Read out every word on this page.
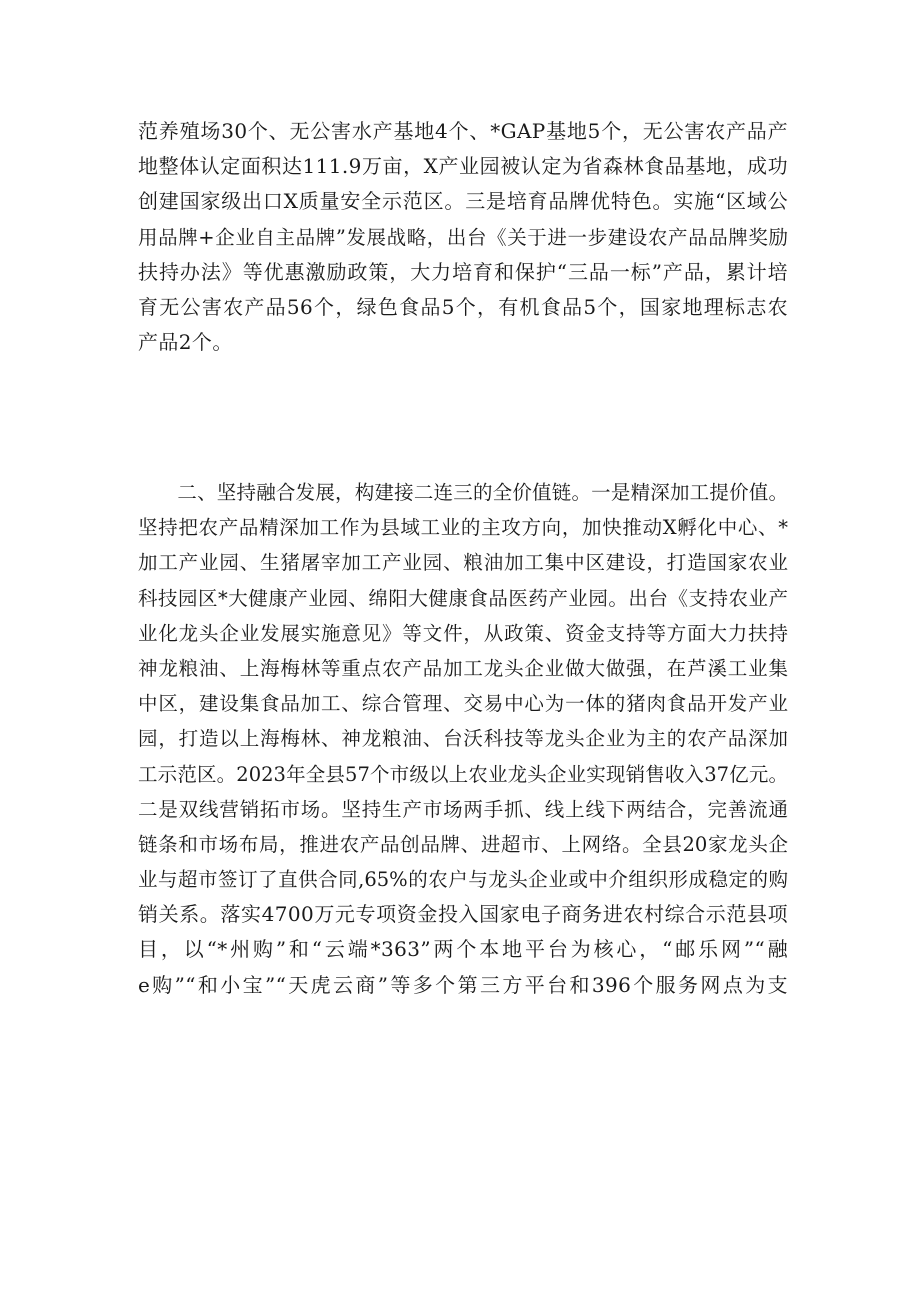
范养殖场30个、无公害水产基地4个、*GAP基地5个，无公害农产品产
地整体认定面积达111.9万亩，X产业园被认定为省森林食品基地，成功
创建国家级出口X质量安全示范区。三是培育品牌优特色。实施“区域公
用品牌+企业自主品牌”发展战略，出台《关于进一步建设农产品品牌奖励
扶持办法》等优惠激励政策，大力培育和保护“三品一标”产品，累计培
育无公害农产品56个，绿色食品5个，有机食品5个，国家地理标志农
产品2个。
　　二、坚持融合发展，构建接二连三的全价值链。一是精深加工提价值。
坚持把农产品精深加工作为县域工业的主攻方向，加快推动X孵化中心、*
加工产业园、生猪屠宰加工产业园、粮油加工集中区建设，打造国家农业
科技园区*大健康产业园、绵阳大健康食品医药产业园。出台《支持农业产
业化龙头企业发展实施意见》等文件，从政策、资金支持等方面大力扶持
神龙粮油、上海梅林等重点农产品加工龙头企业做大做强，在芦溪工业集
中区，建设集食品加工、综合管理、交易中心为一体的猪肉食品开发产业
园，打造以上海梅林、神龙粮油、台沃科技等龙头企业为主的农产品深加
工示范区。2023年全县57个市级以上农业龙头企业实现销售收入37亿元。
二是双线营销拓市场。坚持生产市场两手抓、线上线下两结合，完善流通
链条和市场布局，推进农产品创品牌、进超市、上网络。全县20家龙头企
业与超市签订了直供合同,65%的农户与龙头企业或中介组织形成稳定的购
销关系。落实4700万元专项资金投入国家电子商务进农村综合示范县项
目，以“*州购”和“云端*363”两个本地平台为核心，“邮乐网”“融
e购”“和小宝”“天虎云商”等多个第三方平台和396个服务网点为支
